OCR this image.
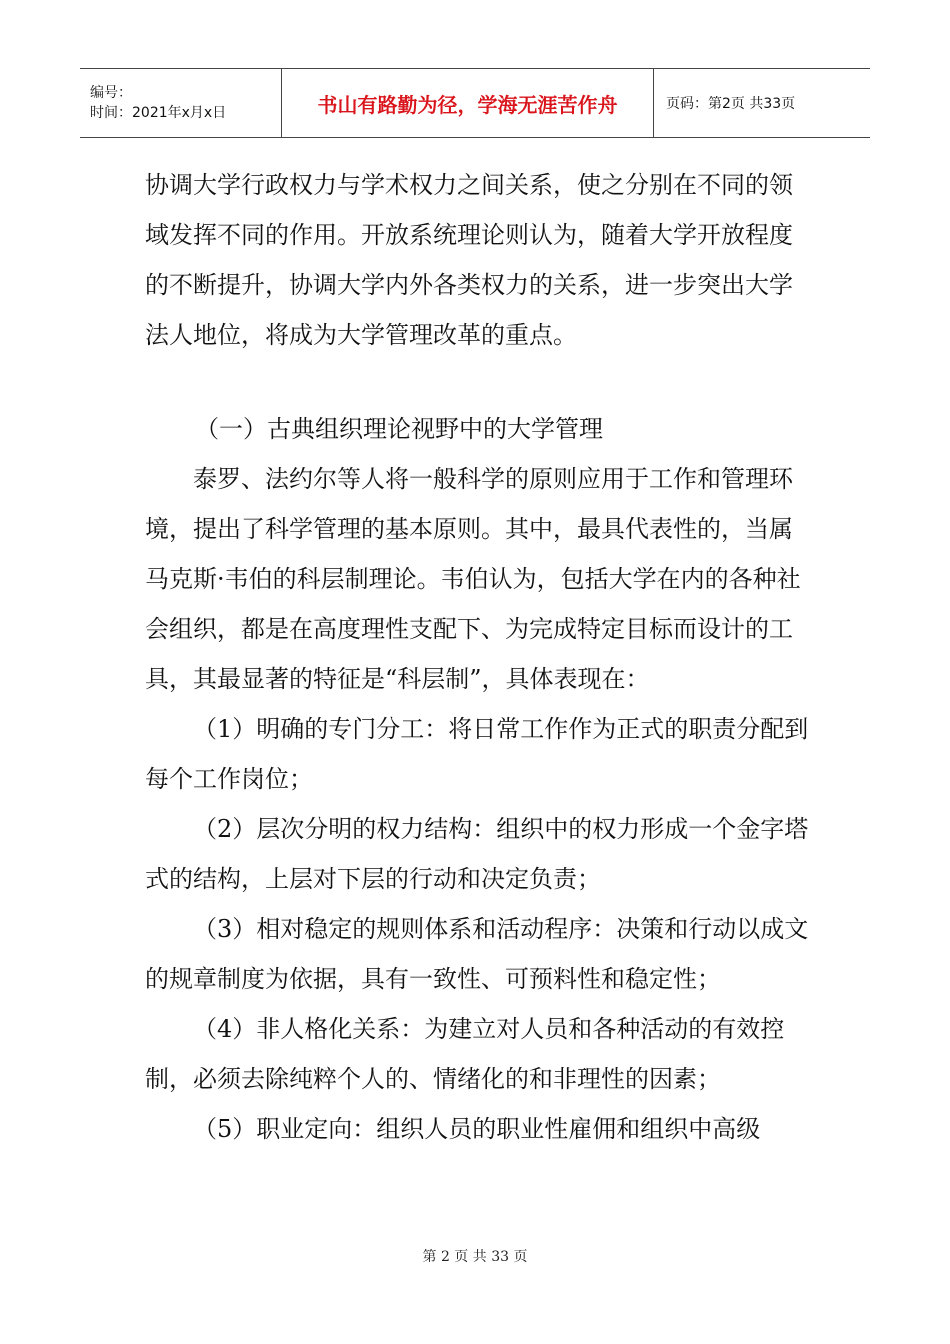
编号：
时间：2021年x月x日	书山有路勤为径，学海无涯苦作舟	页码：第2页 共33页

协调大学行政权力与学术权力之间关系，使之分别在不同的领域发挥不同的作用。开放系统理论则认为，随着大学开放程度的不断提升，协调大学内外各类权力的关系，进一步突出大学法人地位，将成为大学管理改革的重点。

（一）古典组织理论视野中的大学管理

泰罗、法约尔等人将一般科学的原则应用于工作和管理环境，提出了科学管理的基本原则。其中，最具代表性的，当属马克斯·韦伯的科层制理论。韦伯认为，包括大学在内的各种社会组织，都是在高度理性支配下、为完成特定目标而设计的工具，其最显著的特征是“科层制”，具体表现在：

（1）明确的专门分工：将日常工作作为正式的职责分配到每个工作岗位；

（2）层次分明的权力结构：组织中的权力形成一个金字塔式的结构，上层对下层的行动和决定负责；

（3）相对稳定的规则体系和活动程序：决策和行动以成文的规章制度为依据，具有一致性、可预料性和稳定性；

（4）非人格化关系：为建立对人员和各种活动的有效控制，必须去除纯粹个人的、情绪化的和非理性的因素；

（5）职业定向：组织人员的职业性雇佣和组织中高级

第 2 页 共 33 页
